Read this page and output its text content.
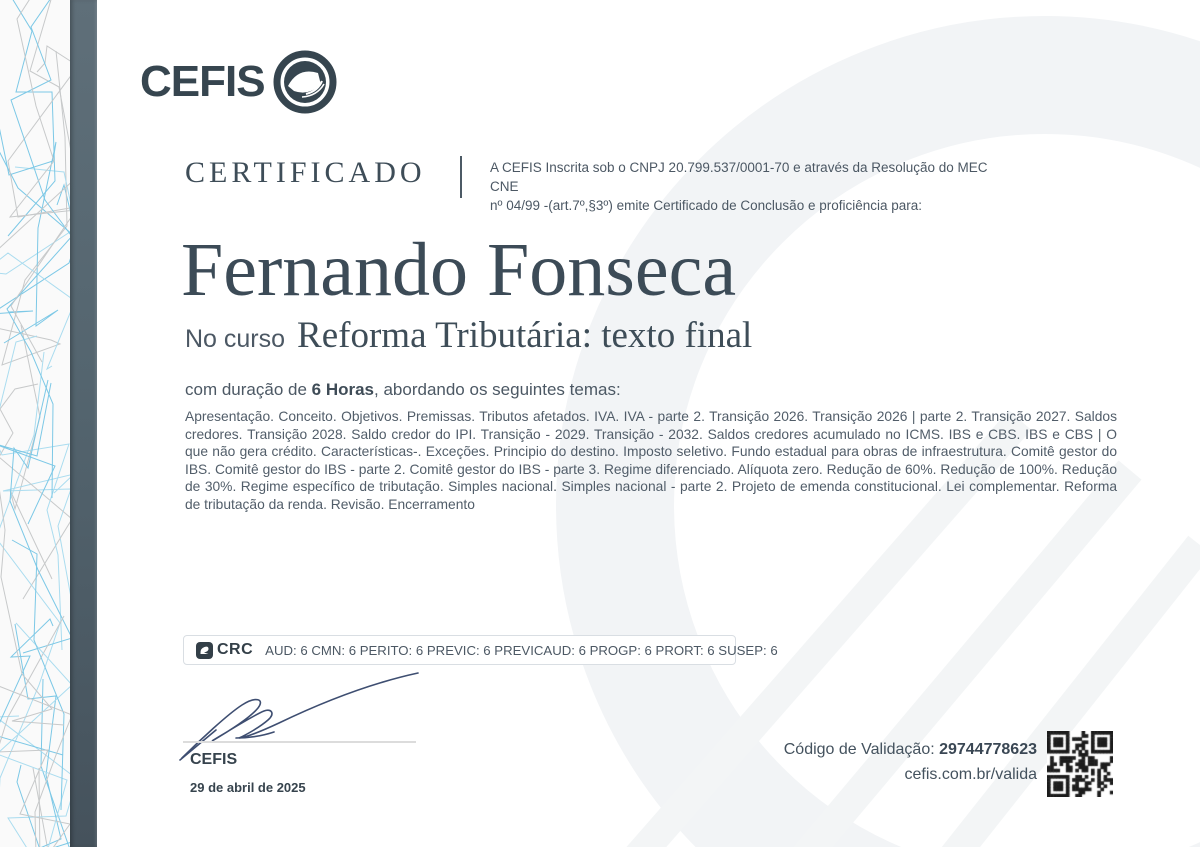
CEFIS
CERTIFICADO	A CEFIS Inscrita sob o CNPJ 20.799.537/0001-70 e através da Resolução do MEC CNE
nº 04/99 -(art.7º,§3º) emite Certificado de Conclusão e proficiência para:
Fernando Fonseca
No curso Reforma Tributária: texto final

com duração de 6 Horas, abordando os seguintes temas:

Apresentação. Conceito. Objetivos. Premissas. Tributos afetados. IVA. IVA - parte 2. Transição 2026. Transição 2026 | parte 2. Transição 2027. Saldos credores. Transição 2028. Saldo credor do IPI. Transição - 2029. Transição - 2032. Saldos credores acumulado no ICMS. IBS e CBS. IBS e CBS | O que não gera crédito. Características-. Exceções. Principio do destino. Imposto seletivo. Fundo estadual para obras de infraestrutura. Comitê gestor do IBS. Comitê gestor do IBS - parte 2. Comitê gestor do IBS - parte 3. Regime diferenciado. Alíquota zero. Redução de 60%. Redução de 100%. Redução de 30%. Regime específico de tributação. Simples nacional. Simples nacional - parte 2. Projeto de emenda constitucional. Lei complementar. Reforma de tributação da renda. Revisão. Encerramento

CRC AUD: 6 CMN: 6 PERITO: 6 PREVIC: 6 PREVICAUD: 6 PROGP: 6 PRORT: 6 SUSEP: 6
CEFIS
29 de abril de 2025
Código de Validação: 29744778623
cefis.com.br/valida
